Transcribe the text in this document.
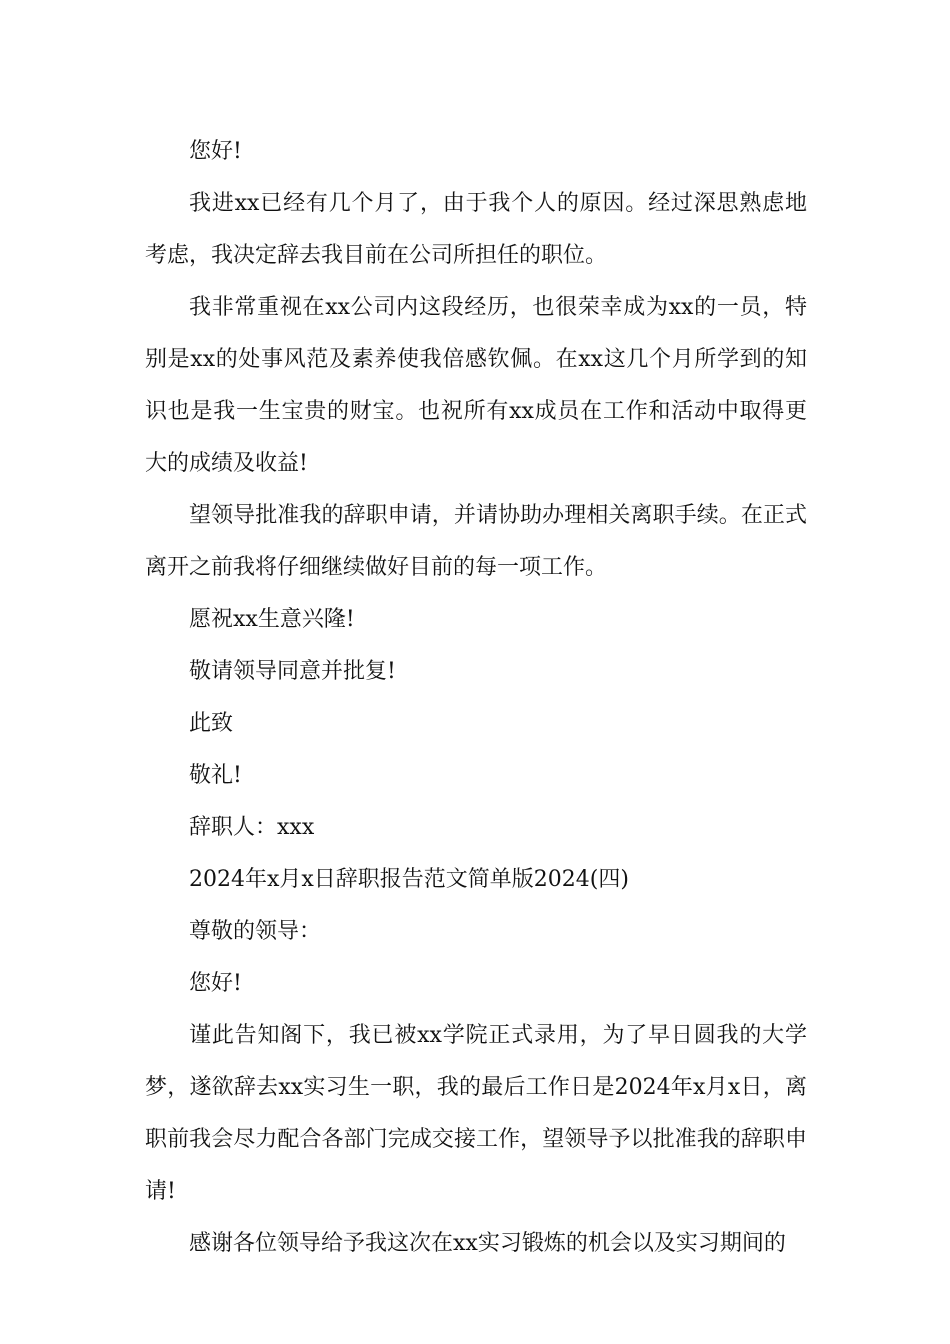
您好!

我进xx已经有几个月了，由于我个人的原因。经过深思熟虑地考虑，我决定辞去我目前在公司所担任的职位。

我非常重视在xx公司内这段经历，也很荣幸成为xx的一员，特别是xx的处事风范及素养使我倍感钦佩。在xx这几个月所学到的知识也是我一生宝贵的财宝。也祝所有xx成员在工作和活动中取得更大的成绩及收益!

望领导批准我的辞职申请，并请协助办理相关离职手续。在正式离开之前我将仔细继续做好目前的每一项工作。

愿祝xx生意兴隆!

敬请领导同意并批复!

此致

敬礼!

辞职人：xxx

2024年x月x日辞职报告范文简单版2024(四)

尊敬的领导：

您好!

谨此告知阁下，我已被xx学院正式录用，为了早日圆我的大学梦，遂欲辞去xx实习生一职，我的最后工作日是2024年x月x日，离职前我会尽力配合各部门完成交接工作，望领导予以批准我的辞职申请!

感谢各位领导给予我这次在xx实习锻炼的机会以及实习期间的
